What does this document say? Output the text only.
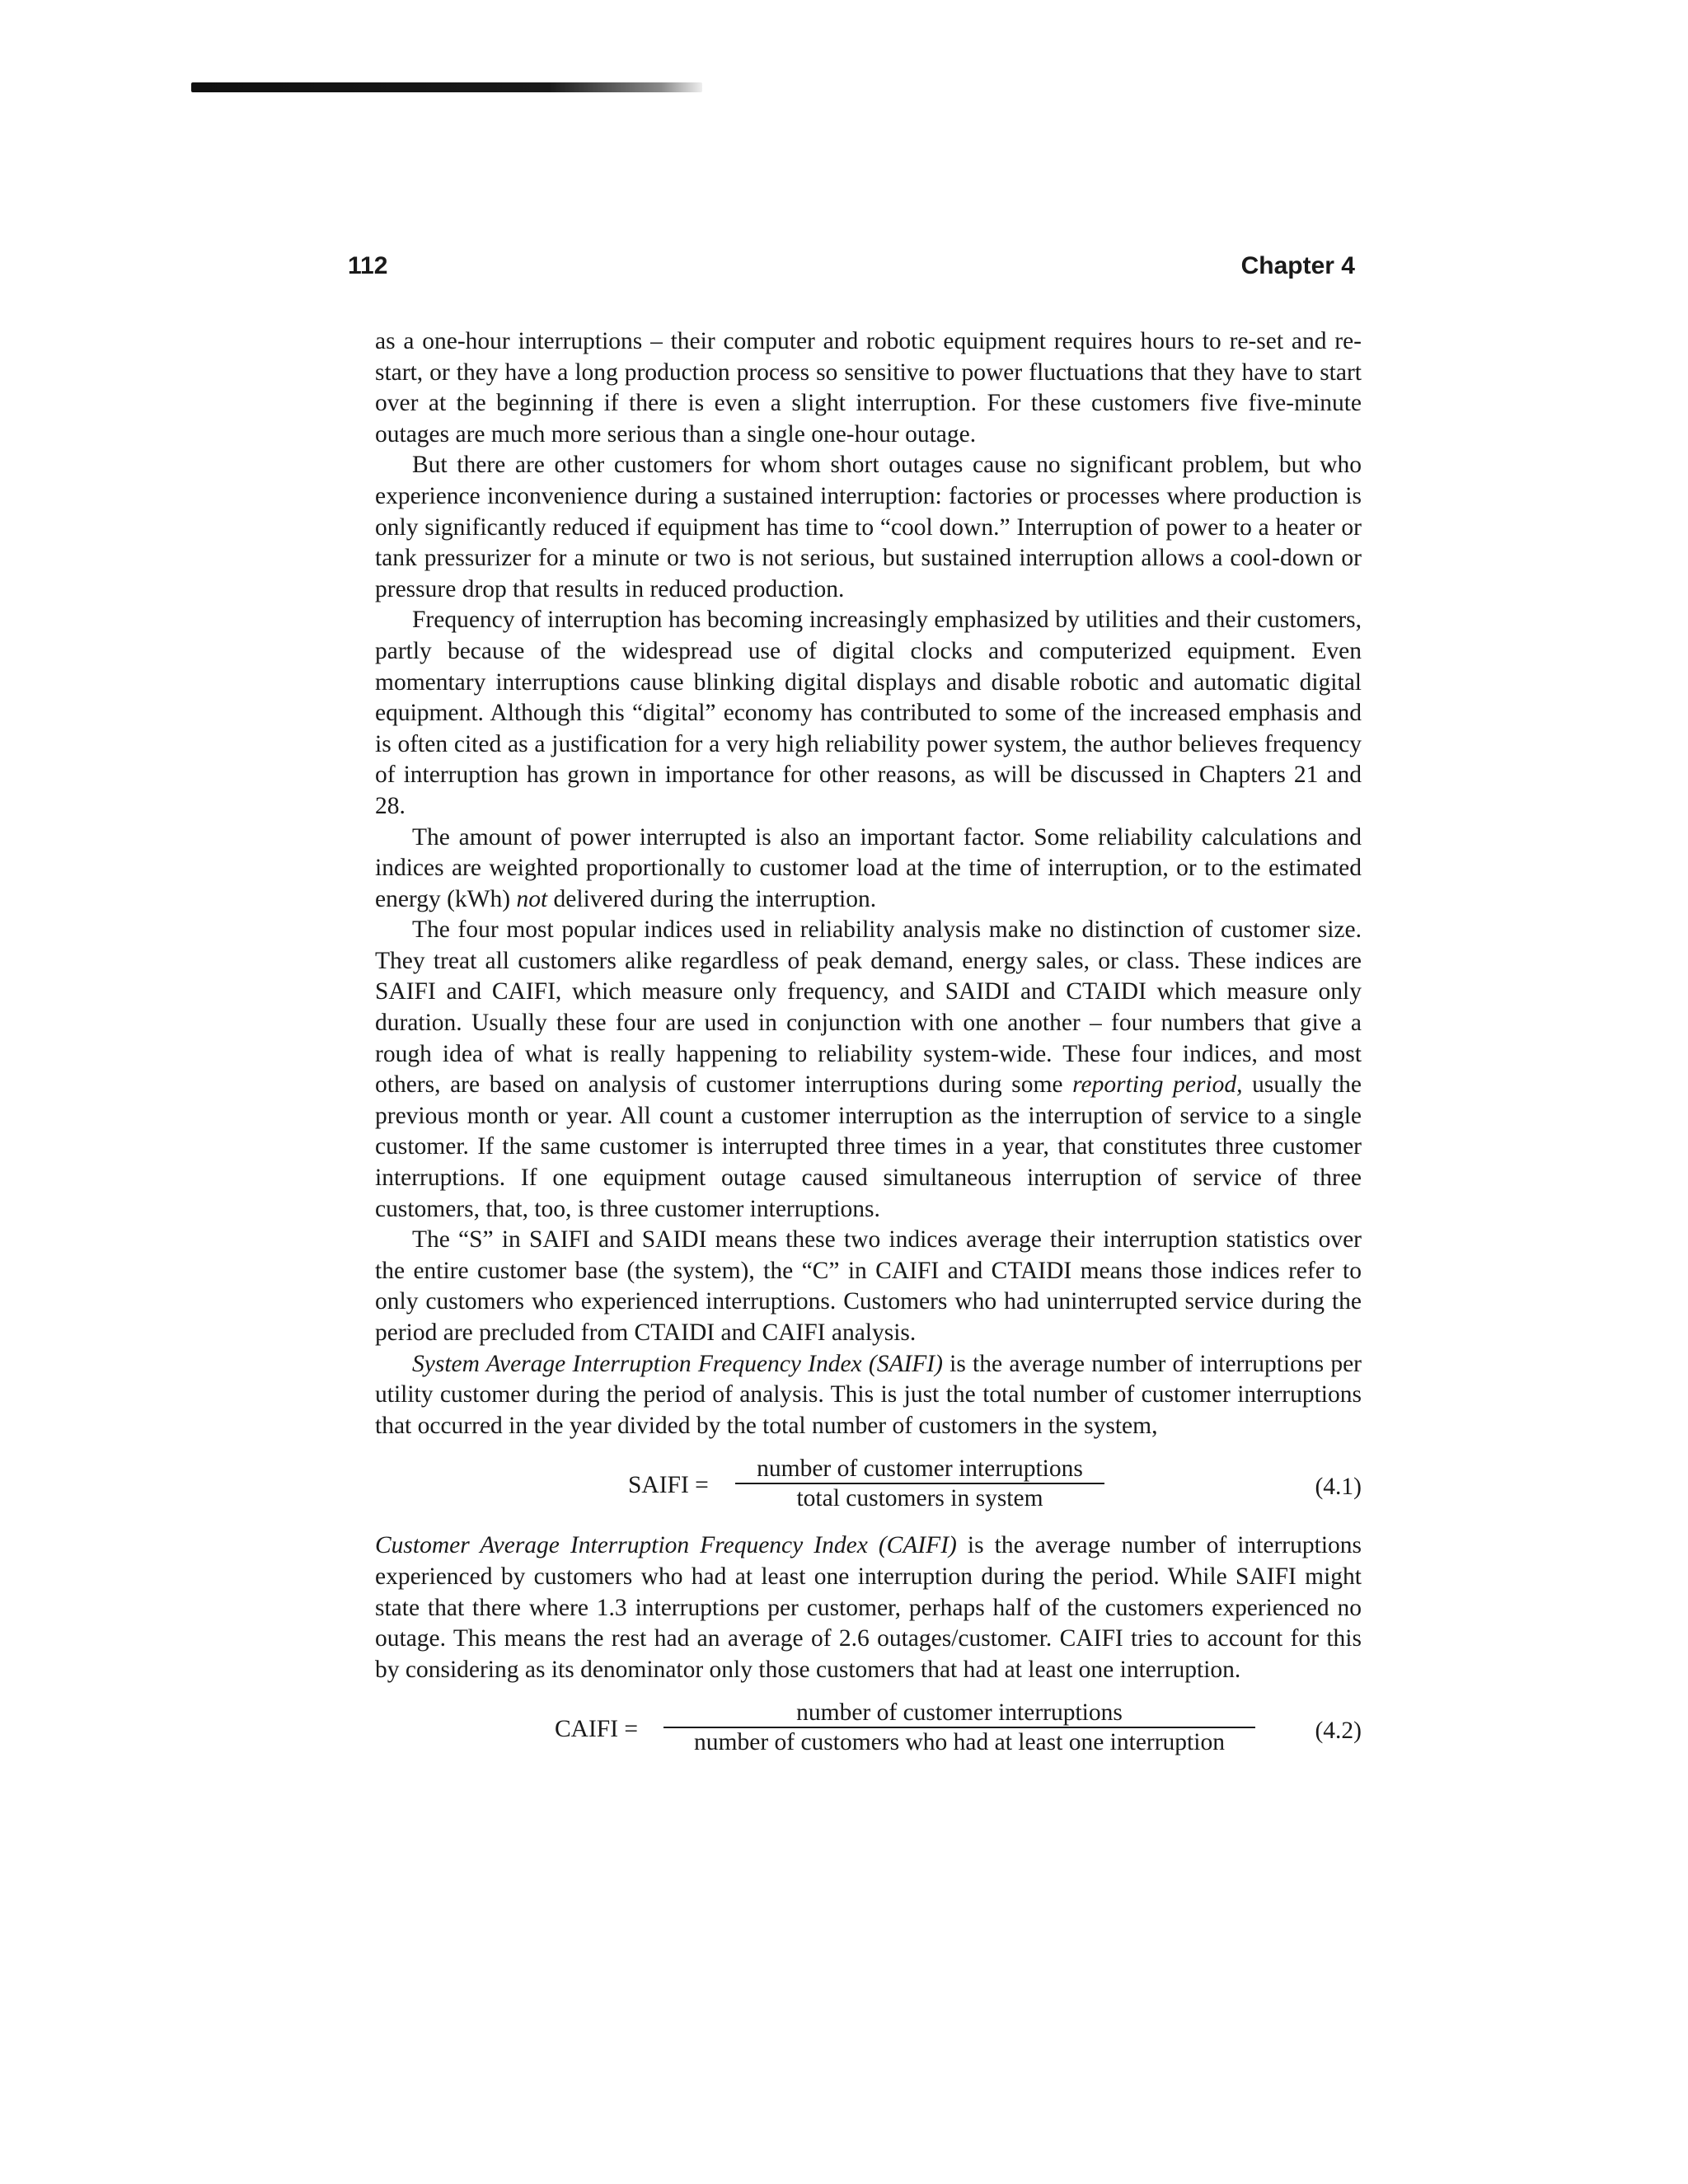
112	Chapter 4

as a one-hour interruptions – their computer and robotic equipment requires hours to re-set and re-start, or they have a long production process so sensitive to power fluctuations that they have to start over at the beginning if there is even a slight interruption. For these customers five five-minute outages are much more serious than a single one-hour outage.

But there are other customers for whom short outages cause no significant problem, but who experience inconvenience during a sustained interruption: factories or processes where production is only significantly reduced if equipment has time to “cool down.” Interruption of power to a heater or tank pressurizer for a minute or two is not serious, but sustained interruption allows a cool-down or pressure drop that results in reduced production.

Frequency of interruption has becoming increasingly emphasized by utilities and their customers, partly because of the widespread use of digital clocks and computerized equipment. Even momentary interruptions cause blinking digital displays and disable robotic and automatic digital equipment. Although this “digital” economy has contributed to some of the increased emphasis and is often cited as a justification for a very high reliability power system, the author believes frequency of interruption has grown in importance for other reasons, as will be discussed in Chapters 21 and 28.

The amount of power interrupted is also an important factor. Some reliability calculations and indices are weighted proportionally to customer load at the time of interruption, or to the estimated energy (kWh) not delivered during the interruption.

The four most popular indices used in reliability analysis make no distinction of customer size. They treat all customers alike regardless of peak demand, energy sales, or class. These indices are SAIFI and CAIFI, which measure only frequency, and SAIDI and CTAIDI which measure only duration. Usually these four are used in conjunction with one another – four numbers that give a rough idea of what is really happening to reliability system-wide. These four indices, and most others, are based on analysis of customer interruptions during some reporting period, usually the previous month or year. All count a customer interruption as the interruption of service to a single customer. If the same customer is interrupted three times in a year, that constitutes three customer interruptions. If one equipment outage caused simultaneous interruption of service of three customers, that, too, is three customer interruptions.

The “S” in SAIFI and SAIDI means these two indices average their interruption statistics over the entire customer base (the system), the “C” in CAIFI and CTAIDI means those indices refer to only customers who experienced interruptions. Customers who had uninterrupted service during the period are precluded from CTAIDI and CAIFI analysis.

System Average Interruption Frequency Index (SAIFI) is the average number of interruptions per utility customer during the period of analysis. This is just the total number of customer interruptions that occurred in the year divided by the total number of customers in the system,

SAIFI =
number of customer interruptions
total customers in system	(4.1)

Customer Average Interruption Frequency Index (CAIFI) is the average number of interruptions experienced by customers who had at least one interruption during the period. While SAIFI might state that there where 1.3 interruptions per customer, perhaps half of the customers experienced no outage. This means the rest had an average of 2.6 outages/customer. CAIFI tries to account for this by considering as its denominator only those customers that had at least one interruption.

CAIFI =
number of customer interruptions
number of customers who had at least one interruption	(4.2)
